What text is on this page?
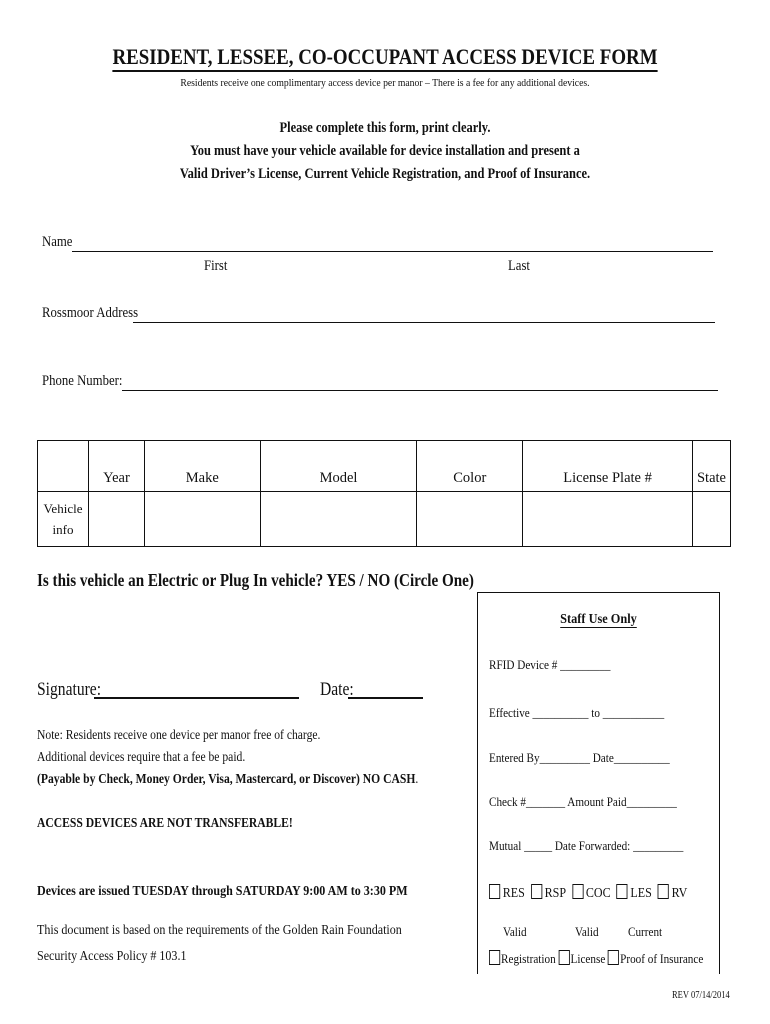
RESIDENT, LESSEE, CO-OCCUPANT ACCESS DEVICE FORM
Residents receive one complimentary access device per manor – There is a fee for any additional devices.
Please complete this form, print clearly.
You must have your vehicle available for device installation and present a
Valid Driver’s License, Current Vehicle Registration, and Proof of Insurance.
Name
First	Last
Rossmoor Address
Phone Number:
	Year	Make	Model	Color	License Plate #	State

Vehicle
info						

Is this vehicle an Electric or Plug In vehicle? YES / NO (Circle One)
Signature:	Date:
Note: Residents receive one device per manor free of charge.
Additional devices require that a fee be paid.
(Payable by Check, Money Order, Visa, Mastercard, or Discover) NO CASH.
ACCESS DEVICES ARE NOT TRANSFERABLE!
Devices are issued TUESDAY through SATURDAY 9:00 AM to 3:30 PM
This document is based on the requirements of the Golden Rain Foundation
Security Access Policy # 103.1
Staff Use Only
RFID Device # _________
Effective __________ to ___________
Entered By_________ Date__________
Check #_______ Amount Paid_________
Mutual _____ Date Forwarded: _________
RES RSP COC LES RV
Valid	Valid Current
Registration License Proof of Insurance
REV 07/14/2014
